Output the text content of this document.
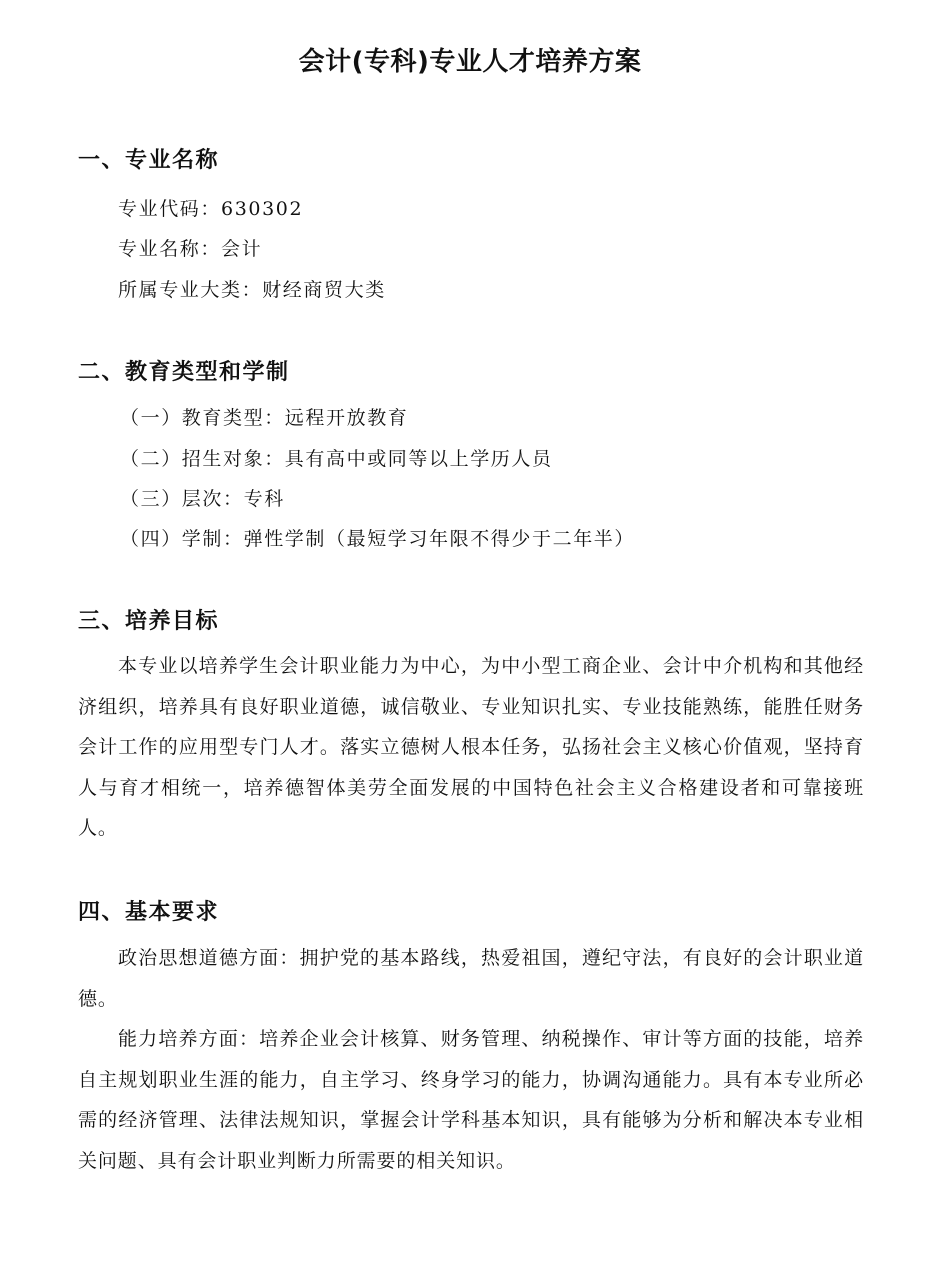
会计(专科)专业人才培养方案
一、专业名称
专业代码：630302
专业名称：会计
所属专业大类：财经商贸大类
二、教育类型和学制
（一）教育类型：远程开放教育
（二）招生对象：具有高中或同等以上学历人员
（三）层次：专科
（四）学制：弹性学制（最短学习年限不得少于二年半）
三、培养目标
本专业以培养学生会计职业能力为中心，为中小型工商企业、会计中介机构和其他经济组织，培养具有良好职业道德，诚信敬业、专业知识扎实、专业技能熟练，能胜任财务会计工作的应用型专门人才。落实立德树人根本任务，弘扬社会主义核心价值观，坚持育人与育才相统一，培养德智体美劳全面发展的中国特色社会主义合格建设者和可靠接班人。
四、基本要求
政治思想道德方面：拥护党的基本路线，热爱祖国，遵纪守法，有良好的会计职业道德。
能力培养方面：培养企业会计核算、财务管理、纳税操作、审计等方面的技能，培养自主规划职业生涯的能力，自主学习、终身学习的能力，协调沟通能力。具有本专业所必需的经济管理、法律法规知识，掌握会计学科基本知识，具有能够为分析和解决本专业相关问题、具有会计职业判断力所需要的相关知识。
